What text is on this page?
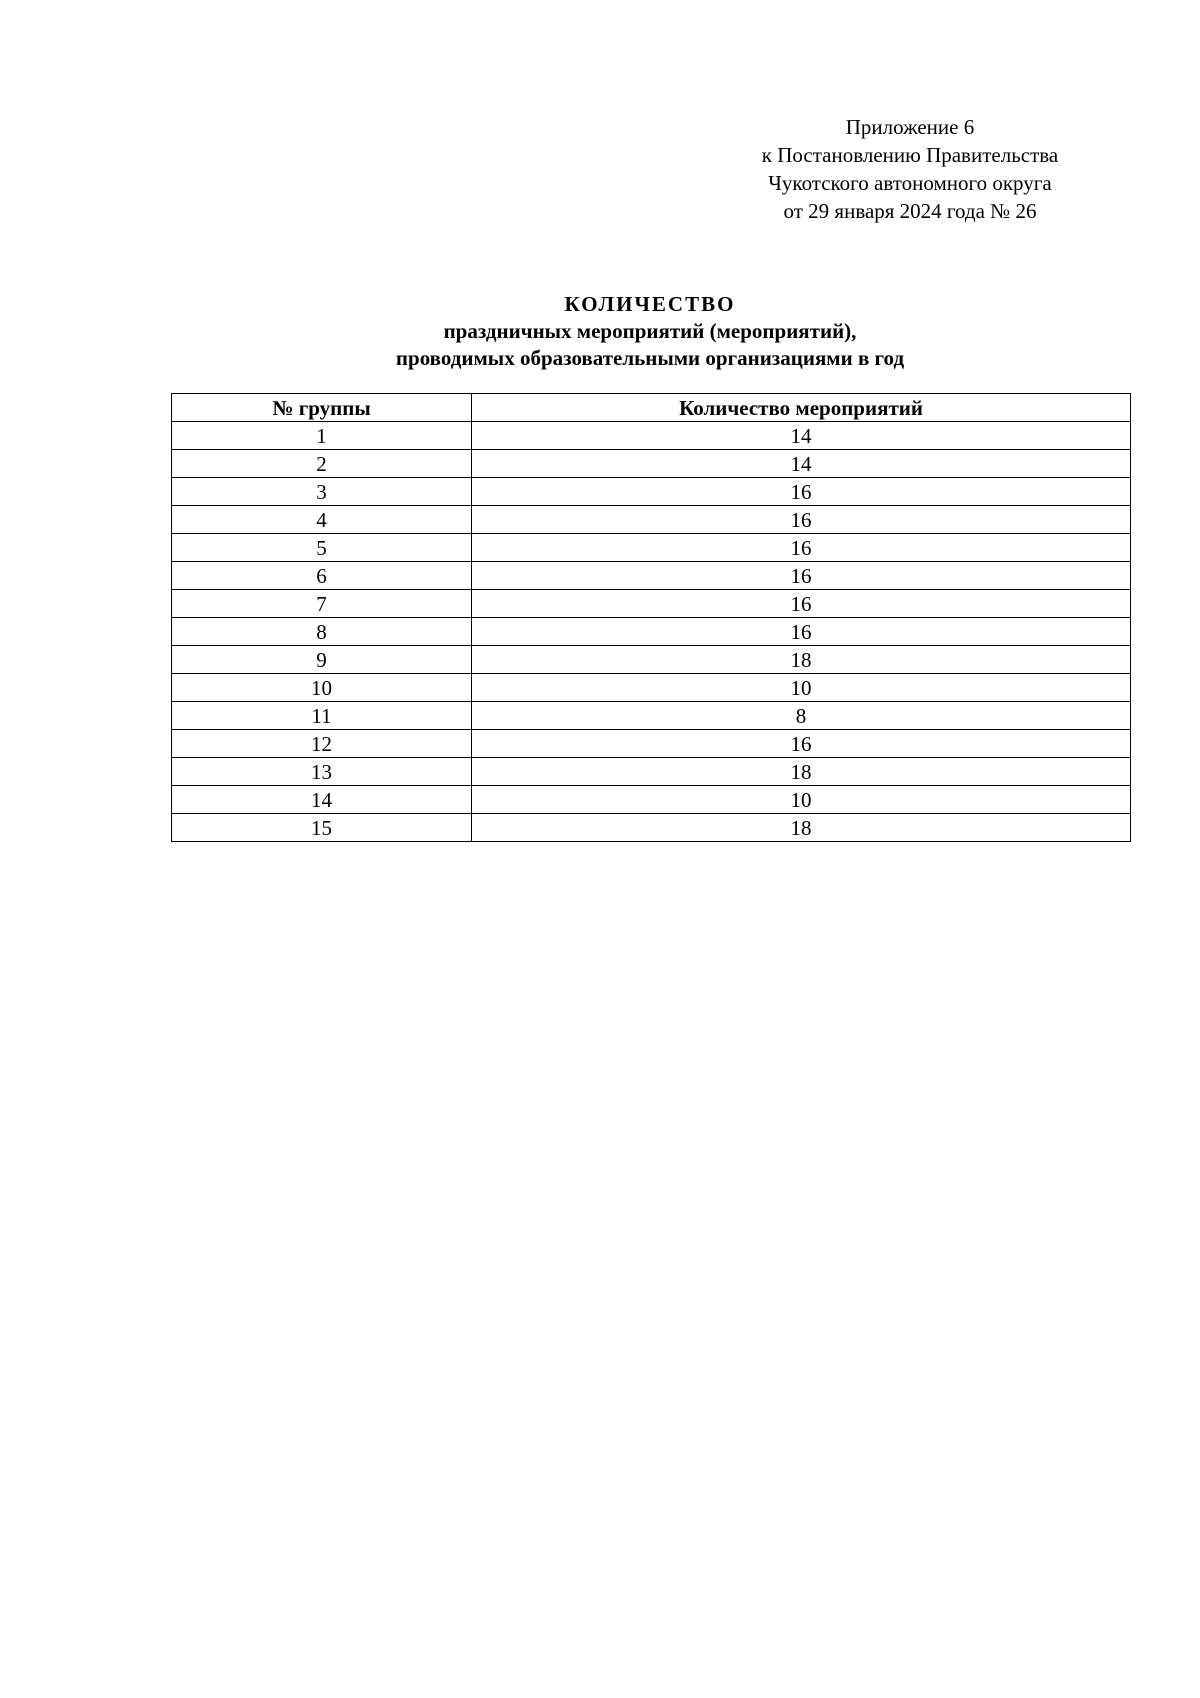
Приложение 6
к Постановлению Правительства
Чукотского автономного округа
от 29 января 2024 года № 26
КОЛИЧЕСТВО
праздничных мероприятий (мероприятий),
проводимых образовательными организациями в год
№ группы	Количество мероприятий
1	14
2	14
3	16
4	16
5	16
6	16
7	16
8	16
9	18
10	10
11	8
12	16
13	18
14	10
15	18
